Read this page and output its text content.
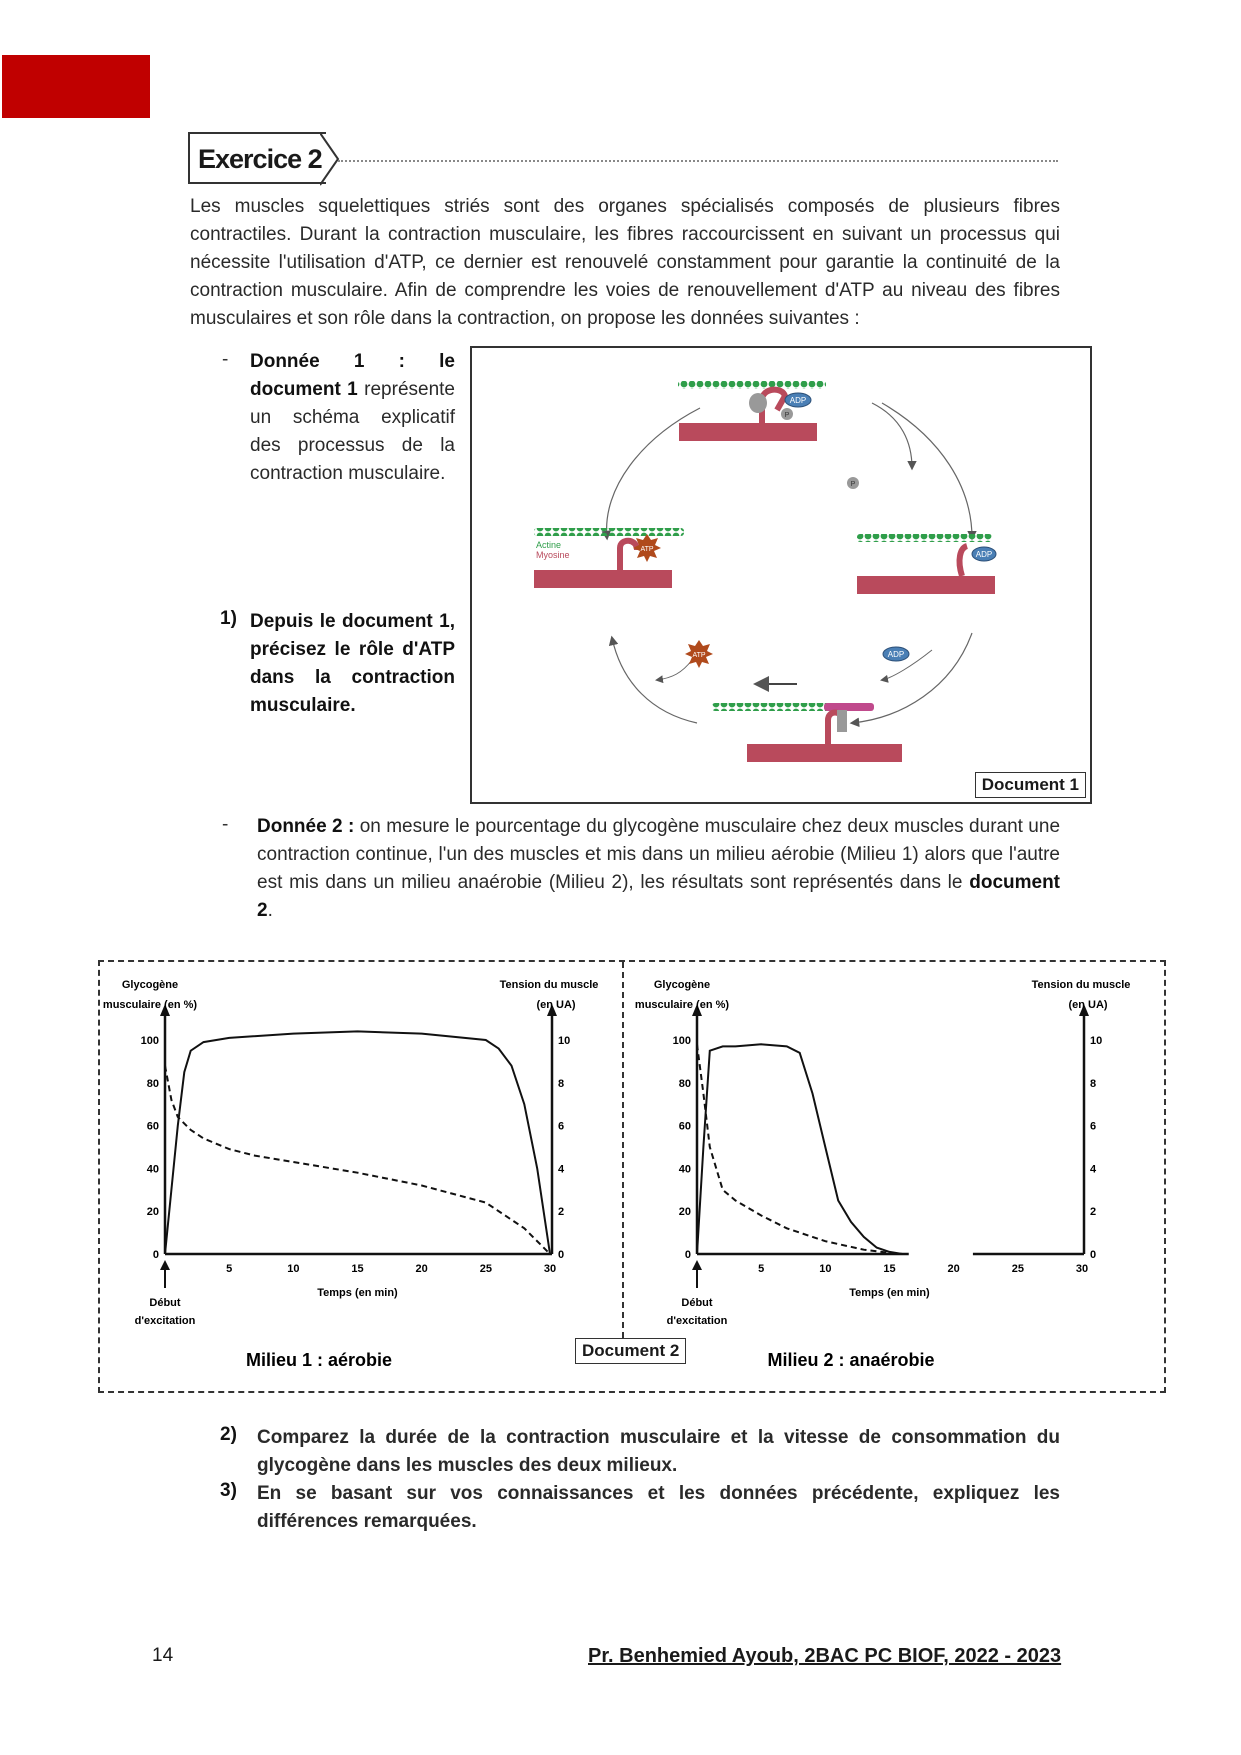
Exercice 2
Les muscles squelettiques striés sont des organes spécialisés composés de plusieurs fibres contractiles. Durant la contraction musculaire, les fibres raccourcissent en suivant un processus qui nécessite l'utilisation d'ATP, ce dernier est renouvelé constamment pour garantie la continuité de la contraction musculaire. Afin de comprendre les voies de renouvellement d'ATP au niveau des fibres musculaires et son rôle dans la contraction, on propose les données suivantes :
- Donnée 1 : le document 1 représente un schéma explicatif des processus de la contraction musculaire.
1) Depuis le document 1, précisez le rôle d'ATP dans la contraction musculaire.
ADP
P
P
Actine
Myosine
ATP
ADP
ADP
ATP
Document 1
- Donnée 2 : on mesure le pourcentage du glycogène musculaire chez deux muscles durant une contraction continue, l'un des muscles et mis dans un milieu aérobie (Milieu 1) alors que l'autre est mis dans un milieu anaérobie (Milieu 2), les résultats sont représentés dans le document 2.
Document 2
Glycogène
musculaire (en %)
Tension du muscle
(en UA)
0
20
40
60
80
100
0
2
4
6
8
10
5	10	15	20	25	30
Temps (en min)
Début
d'excitation
Milieu 1 : aérobie
Glycogène
musculaire (en %)
Tension du muscle
(en UA)
0
20
40
60
80
100
0
2
4
6
8
10
5	10	15	20	25	30
Temps (en min)
Début
d'excitation
Milieu 2 : anaérobie
2) Comparez la durée de la contraction musculaire et la vitesse de consommation du glycogène dans les muscles des deux milieux.
3) En se basant sur vos connaissances et les données précédente, expliquez les différences remarquées.
14	Pr. Benhemied Ayoub, 2BAC PC BIOF, 2022 - 2023
